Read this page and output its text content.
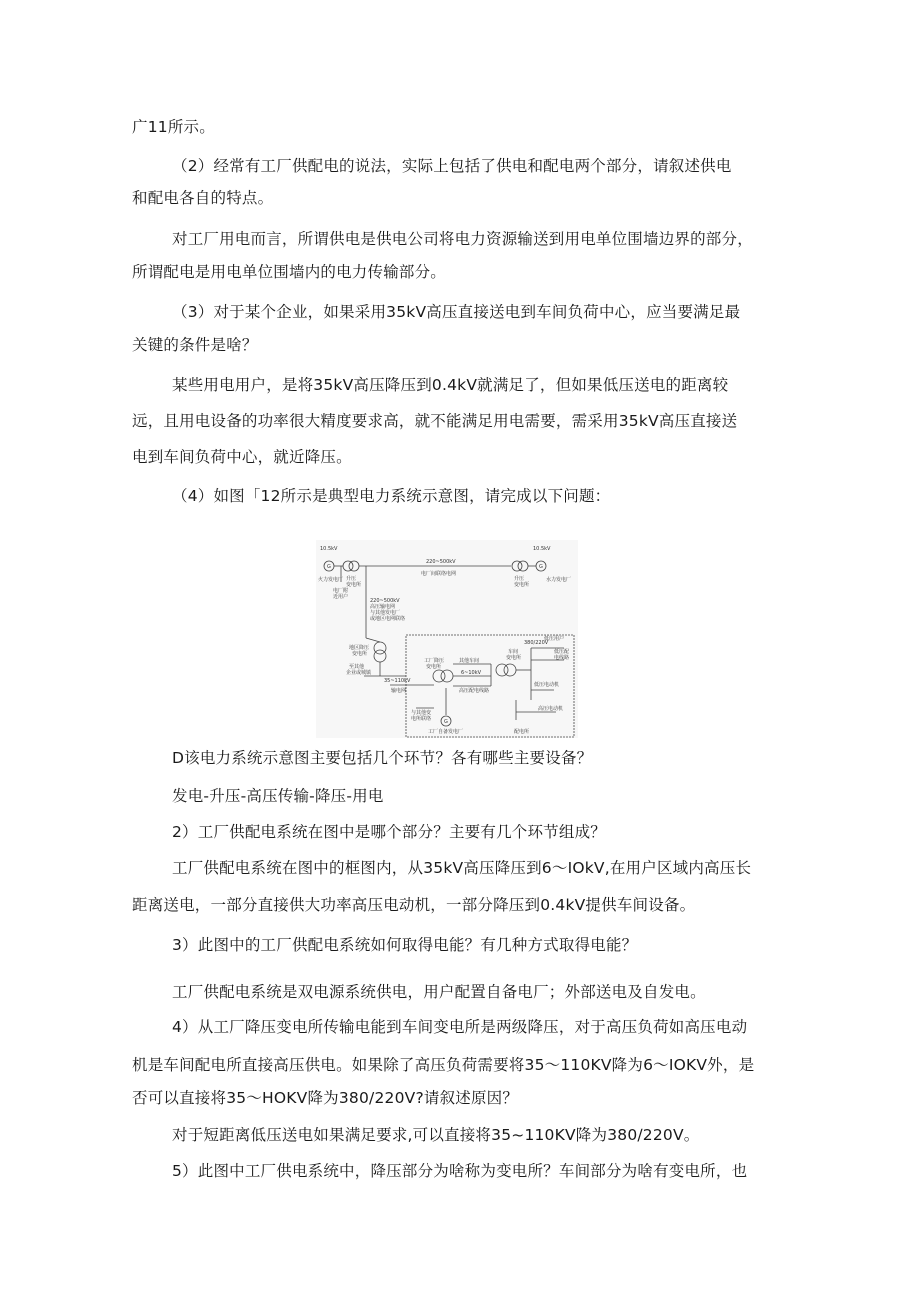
广11所示。
（2）经常有工厂供配电的说法，实际上包括了供电和配电两个部分，请叙述供电
和配电各自的特点。
对工厂用电而言，所谓供电是供电公司将电力资源输送到用电单位围墙边界的部分，
所谓配电是用电单位围墙内的电力传输部分。
（3）对于某个企业，如果采用35kV高压直接送电到车间负荷中心，应当要满足最
关键的条件是啥？
某些用电用户，是将35kV高压降压到0.4kV就满足了，但如果低压送电的距离较
远，且用电设备的功率很大精度要求高，就不能满足用电需要，需采用35kV高压直接送
电到车间负荷中心，就近降压。
（4）如图「12所示是典型电力系统示意图，请完成以下问题：
10.5kV	10.5kV
G	G
火力发电厂	水力发电厂
升压
变电所
升压
变电所
220~500kV
电厂间联络电网
电厂附
近用户
220~500kV
高压输电网
与其他发电厂
或地区电网联络
地区降压
变电所
至其他
企业或城镇
35~110kV
输电网
工厂降压
变电所
其他车间
6~10kV
高压配电线路
车间
变电所
380/220V
低压用户
低压配
电线路
低压电动机
高压电动机
与其他变
电所联络	G
工厂自备发电厂	配电所
D该电力系统示意图主要包括几个环节？各有哪些主要设备？
发电-升压-高压传输-降压-用电
2）工厂供配电系统在图中是哪个部分？主要有几个环节组成？
工厂供配电系统在图中的框图内，从35kV高压降压到6～IOkV,在用户区域内高压长
距离送电，一部分直接供大功率高压电动机，一部分降压到0.4kV提供车间设备。
3）此图中的工厂供配电系统如何取得电能？有几种方式取得电能？
工厂供配电系统是双电源系统供电，用户配置自备电厂；外部送电及自发电。
4）从工厂降压变电所传输电能到车间变电所是两级降压，对于高压负荷如高压电动
机是车间配电所直接高压供电。如果除了高压负荷需要将35～110KV降为6～IOKV外，是
否可以直接将35～HOKV降为380/220V?请叙述原因？
对于短距离低压送电如果满足要求,可以直接将35~110KV降为380∕220V。
5）此图中工厂供电系统中，降压部分为啥称为变电所？车间部分为啥有变电所，也
